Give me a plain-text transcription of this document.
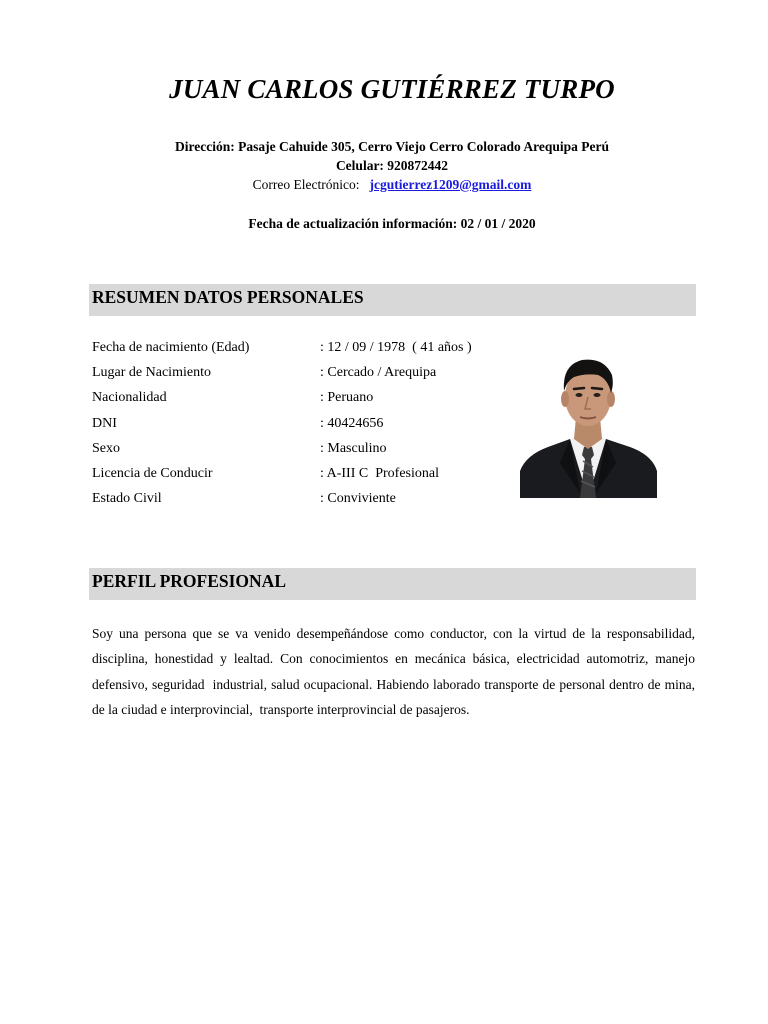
JUAN CARLOS GUTIÉRREZ TURPO
Dirección: Pasaje Cahuide 305, Cerro Viejo Cerro Colorado Arequipa Perú
Celular: 920872442
Correo Electrónico: jcgutierrez1209@gmail.com
Fecha de actualización información: 02 / 01 / 2020
RESUMEN DATOS PERSONALES
Fecha de nacimiento (Edad)	: 12 / 09 / 1978  ( 41 años )
Lugar de Nacimiento	: Cercado / Arequipa
Nacionalidad	: Peruano
DNI	: 40424656
Sexo	: Masculino
Licencia de Conducir	: A-III C  Profesional
Estado Civil	: Conviviente
PERFIL PROFESIONAL

Soy una persona que se va venido desempeñándose como conductor, con la virtud de la responsabilidad, disciplina, honestidad y lealtad. Con conocimientos en mecánica básica, electricidad automotriz, manejo defensivo, seguridad  industrial, salud ocupacional. Habiendo laborado transporte de personal dentro de mina, de la ciudad e interprovincial,  transporte interprovincial de pasajeros.
